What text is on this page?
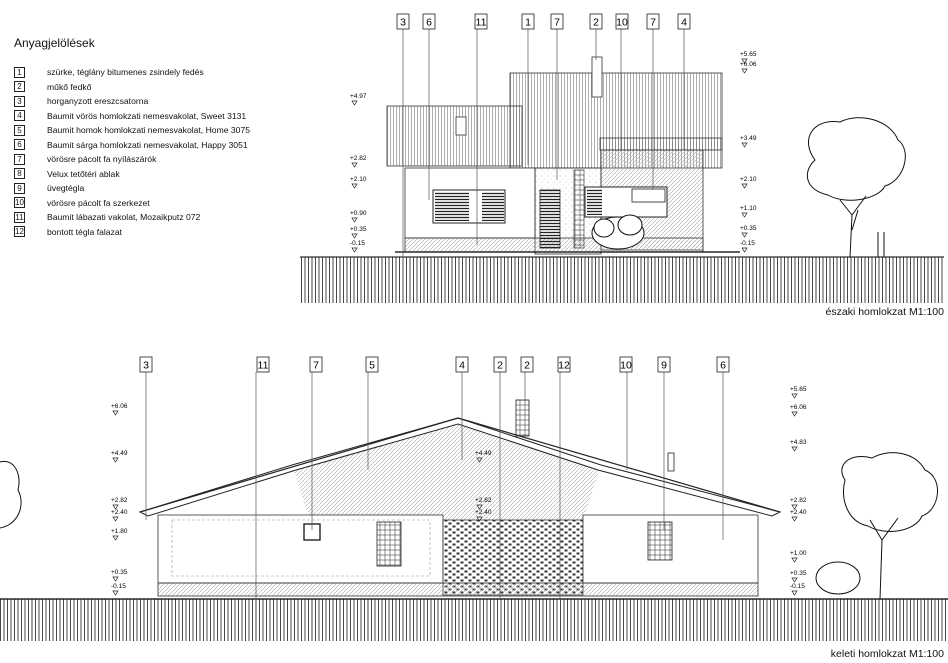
+4.97
+2.82
+2.10
+0.90
+0.35
-0.15
+5.65
+6.06
+3.49
+2.10
+1.10
+0.35
-0.15
+6.06
+4.49
+2.82
+2.40
+1.80
+0.35
-0.15
+5.65
+6.06
+4.83
+2.82
+2.40
+1.00
+0.35
-0.15
+4.49
+2.82
+2.40
3 6	11	1 7	2 10 7 4
3	11	7	5	4	2 2	12	10	9	6
Anyagjelölések
1	szürke, téglány bitumenes zsindely fedés
2	műkő fedkő
3	horganyzott ereszcsatorna
4	Baumit vörös homlokzati nemesvakolat, Sweet 3131
5	Baumit homok homlokzati nemesvakolat, Home 3075
6	Baumit sárga homlokzati nemesvakolat, Happy 3051
7	vörösre pácolt fa nyílászárók
8	Velux tetőtéri ablak
9	üvegtégla
10	vörösre pácolt fa szerkezet
11	Baumit lábazati vakolat, Mozaikputz 072
12	bontott tégla falazat
északi homlokzat M1:100
keleti homlokzat M1:100
